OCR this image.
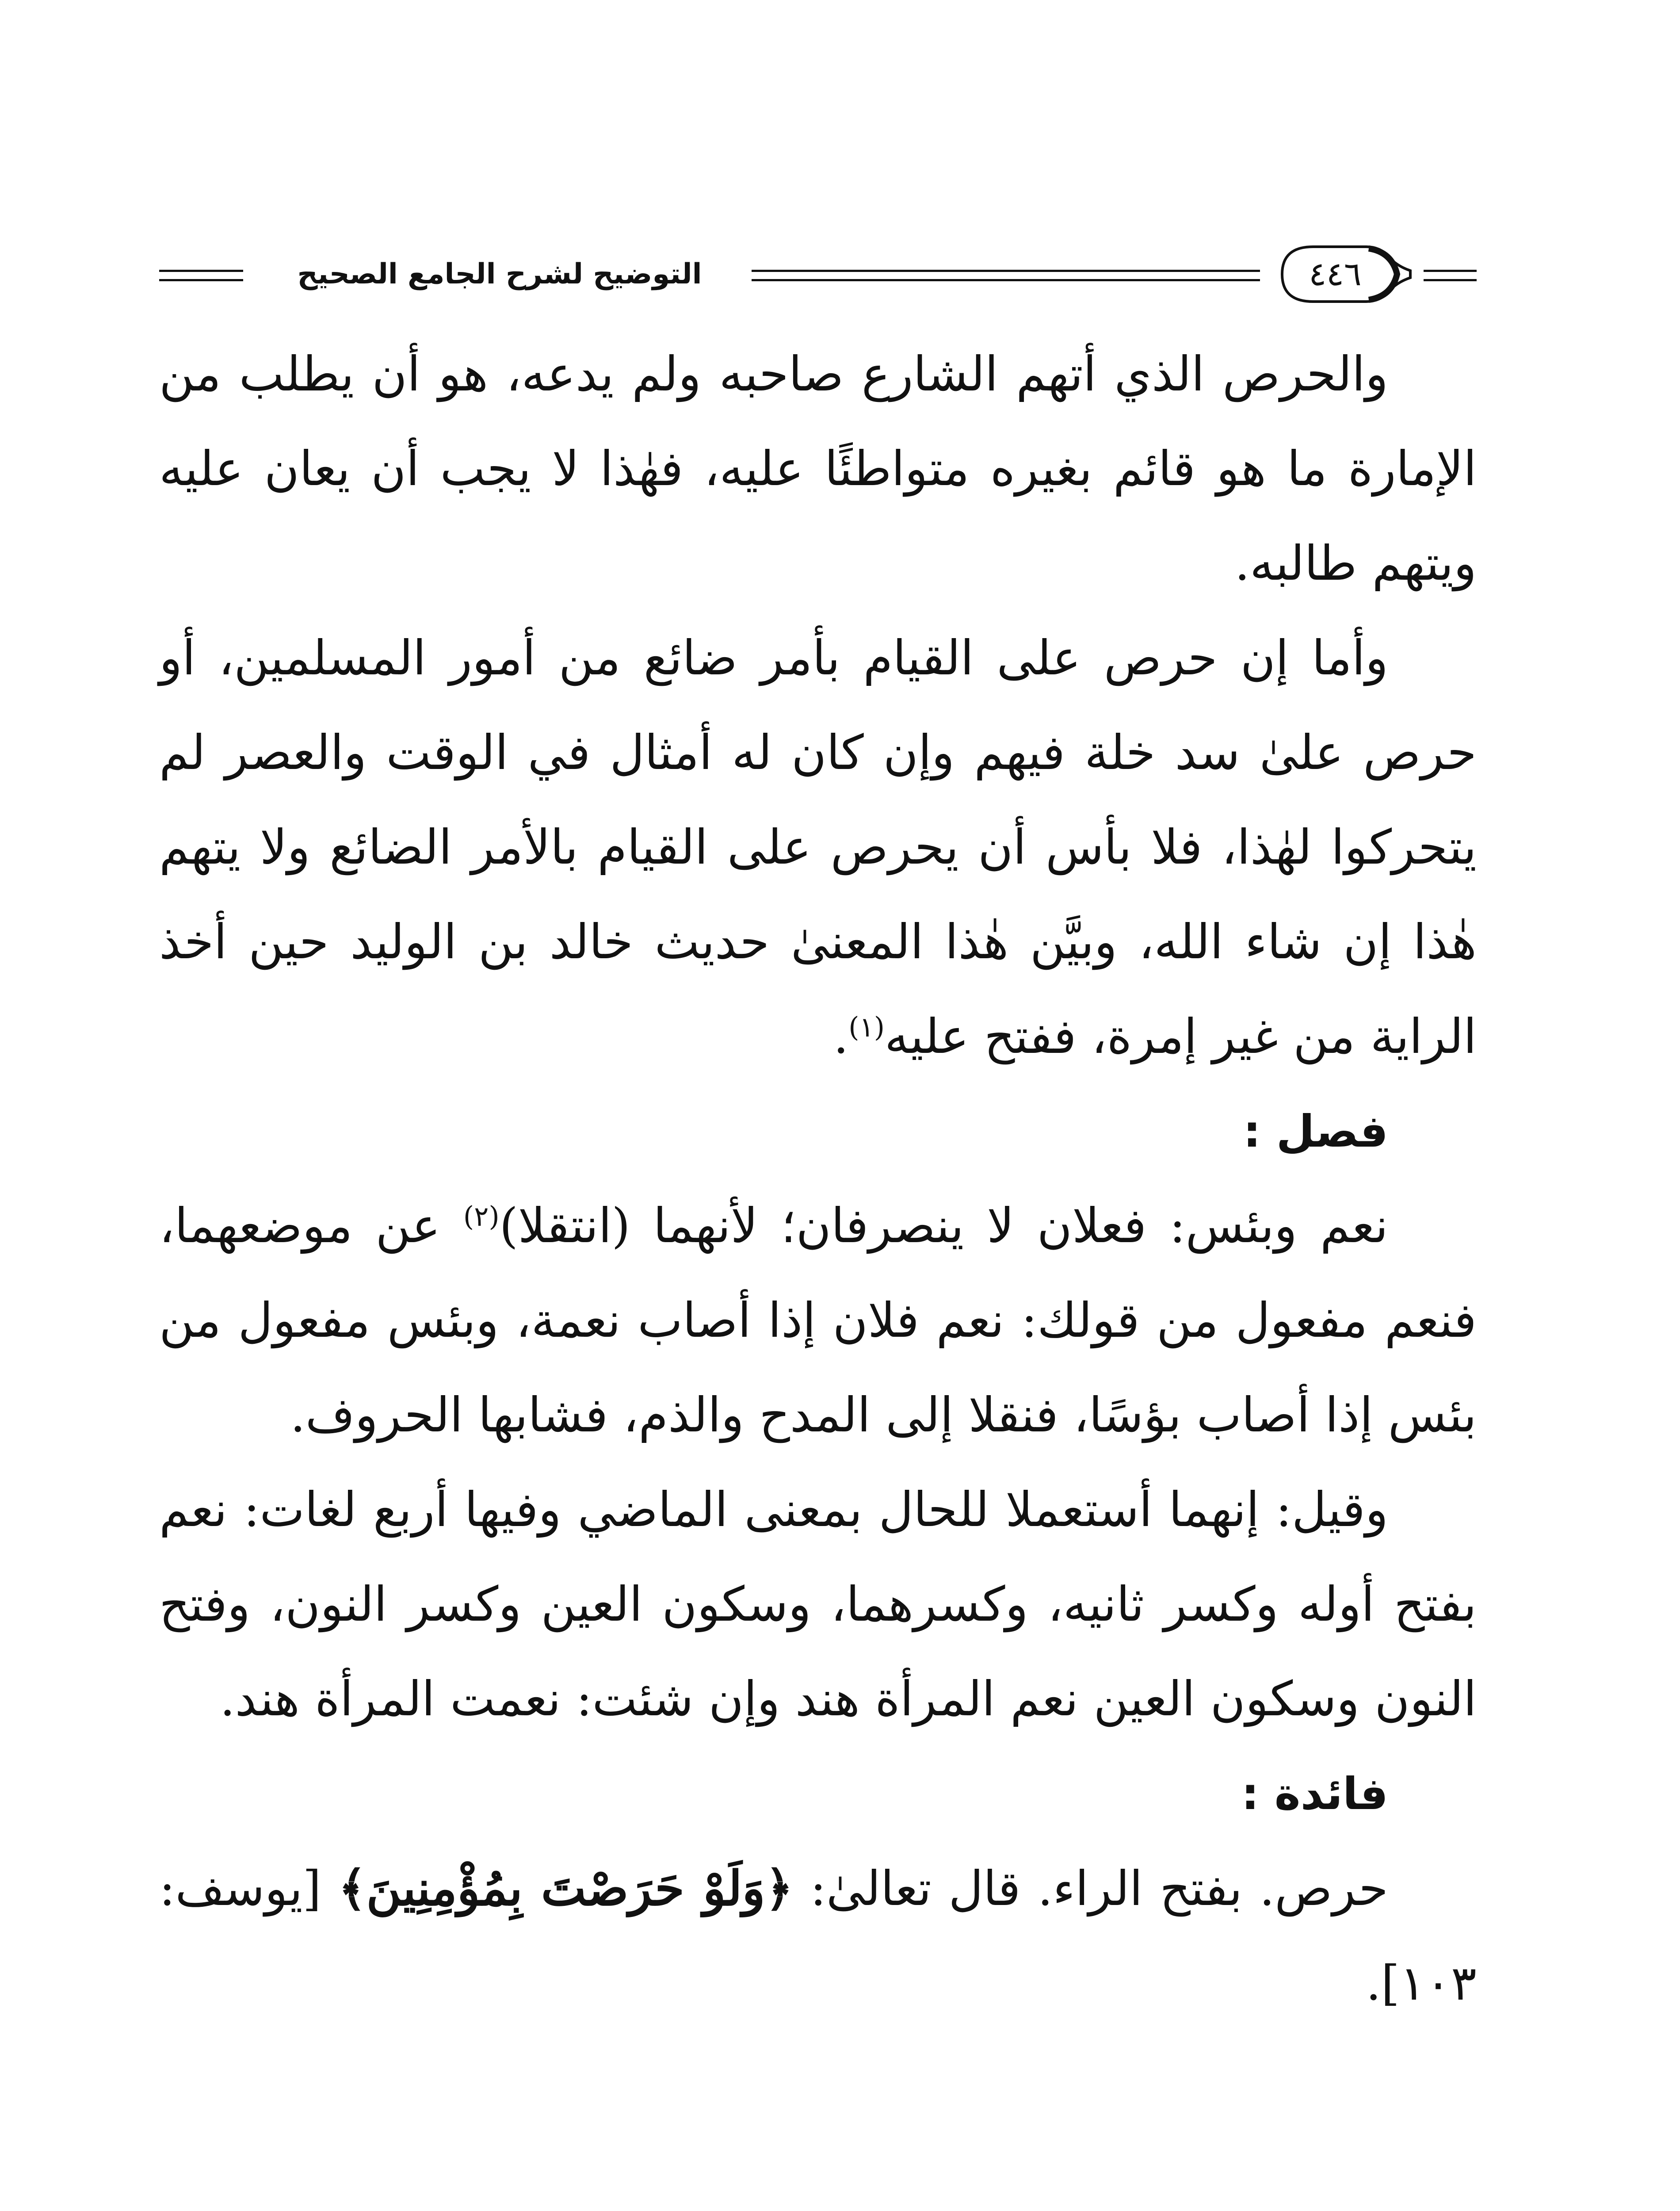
التوضيح لشرح الجامع الصحيح	٤٤٦

والحرص الذي أتهم الشارع صاحبه ولم يدعه، هو أن يطلب من الإمارة ما هو قائم بغيره متواطئًا عليه، فهٰذا لا يجب أن يعان عليه ويتهم طالبه.

وأما إن حرص على القيام بأمر ضائع من أمور المسلمين، أو حرص علىٰ سد خلة فيهم وإن كان له أمثال في الوقت والعصر لم يتحركوا لهٰذا، فلا بأس أن يحرص على القيام بالأمر الضائع ولا يتهم هٰذا إن شاء الله، وبيَّن هٰذا المعنىٰ حديث خالد بن الوليد حين أخذ الراية من غير إمرة، ففتح عليه$^{(١)}$.

فصل :

نعم وبئس: فعلان لا ينصرفان؛ لأنهما (انتقلا)$^{(٢)}$ عن موضعهما، فنعم مفعول من قولك: نعم فلان إذا أصاب نعمة، وبئس مفعول من بئس إذا أصاب بؤسًا، فنقلا إلى المدح والذم، فشابها الحروف.

وقيل: إنهما أستعملا للحال بمعنى الماضي وفيها أربع لغات: نعم بفتح أوله وكسر ثانيه، وكسرهما، وسكون العين وكسر النون، وفتح النون وسكون العين نعم المرأة هند وإن شئت: نعمت المرأة هند.

فائدة :

حرص. بفتح الراء. قال تعالىٰ: ﴿وَلَوْ حَرَصْتَ بِمُؤْمِنِينَ﴾ [يوسف: ١٠٣].
